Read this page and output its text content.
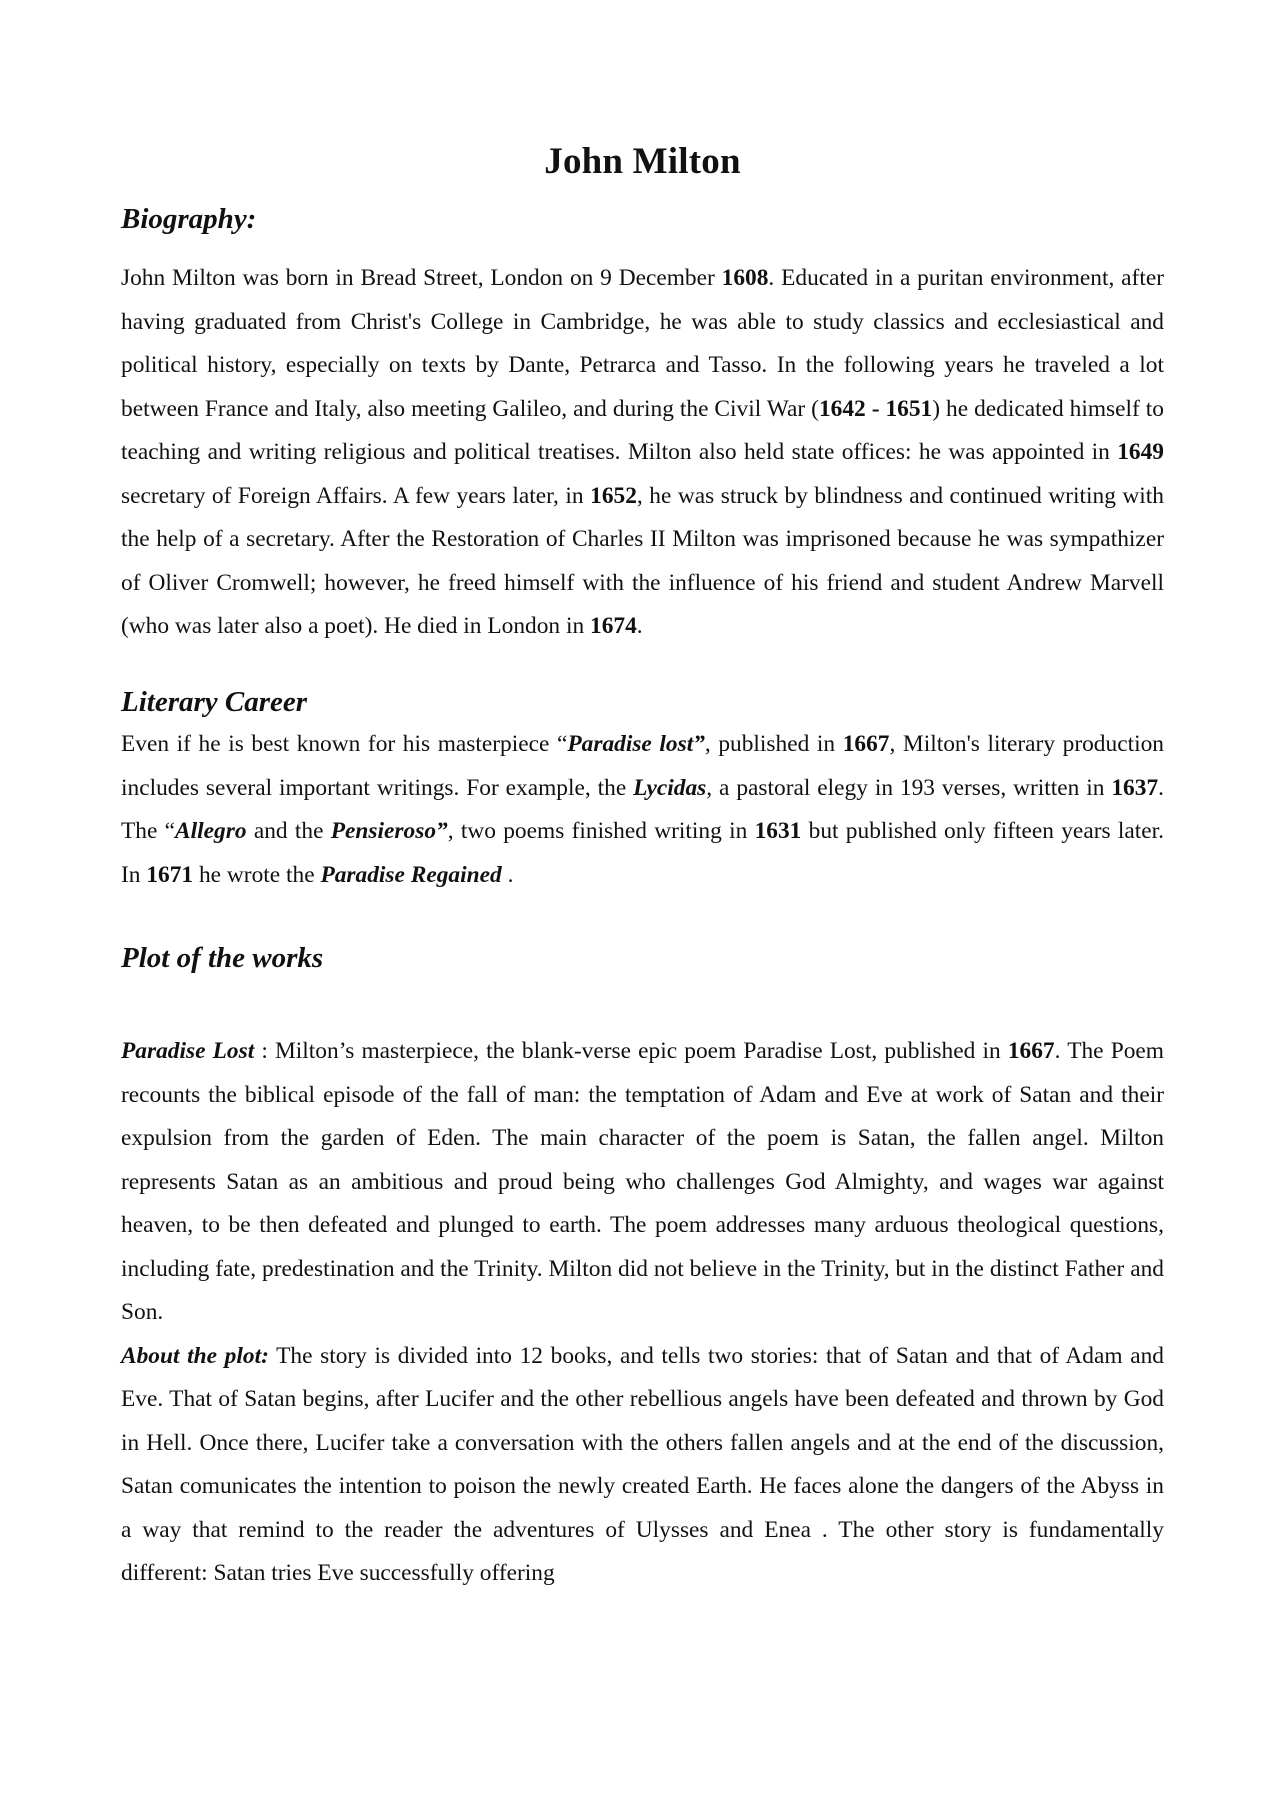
John Milton
Biography:

John Milton was born in Bread Street, London on 9 December 1608. Educated in a puritan environment, after having graduated from Christ's College in Cambridge, he was able to study classics and ecclesiastical and political history, especially on texts by Dante, Petrarca and Tasso. In the following years he traveled a lot between France and Italy, also meeting Galileo, and during the Civil War (1642 - 1651) he dedicated himself to teaching and writing religious and political treatises. Milton also held state offices: he was appointed in 1649 secretary of Foreign Affairs. A few years later, in 1652, he was struck by blindness and continued writing with the help of a secretary. After the Restoration of Charles II Milton was imprisoned because he was sympathizer of Oliver Cromwell; however, he freed himself with the influence of his friend and student Andrew Marvell (who was later also a poet). He died in London in 1674.

Literary Career

Even if he is best known for his masterpiece “Paradise lost”, published in 1667, Milton's literary production includes several important writings. For example, the Lycidas, a pastoral elegy in 193 verses, written in 1637. The “Allegro and the Pensieroso”, two poems finished writing in 1631 but published only fifteen years later. In 1671 he wrote the Paradise Regained .

Plot of the works

Paradise Lost : Milton’s masterpiece, the blank-verse epic poem Paradise Lost, published in 1667. The Poem recounts the biblical episode of the fall of man: the temptation of Adam and Eve at work of Satan and their expulsion from the garden of Eden. The main character of the poem is Satan, the fallen angel. Milton represents Satan as an ambitious and proud being who challenges God Almighty, and wages war against heaven, to be then defeated and plunged to earth. The poem addresses many arduous theological questions, including fate, predestination and the Trinity. Milton did not believe in the Trinity, but in the distinct Father and Son.

About the plot: The story is divided into 12 books, and tells two stories: that of Satan and that of Adam and Eve. That of Satan begins, after Lucifer and the other rebellious angels have been defeated and thrown by God in Hell. Once there, Lucifer take a conversation with the others fallen angels and at the end of the discussion, Satan comunicates the intention to poison the newly created Earth. He faces alone the dangers of the Abyss in a way that remind to the reader the adventures of Ulysses and Enea . The other story is fundamentally different: Satan tries Eve successfully offering
